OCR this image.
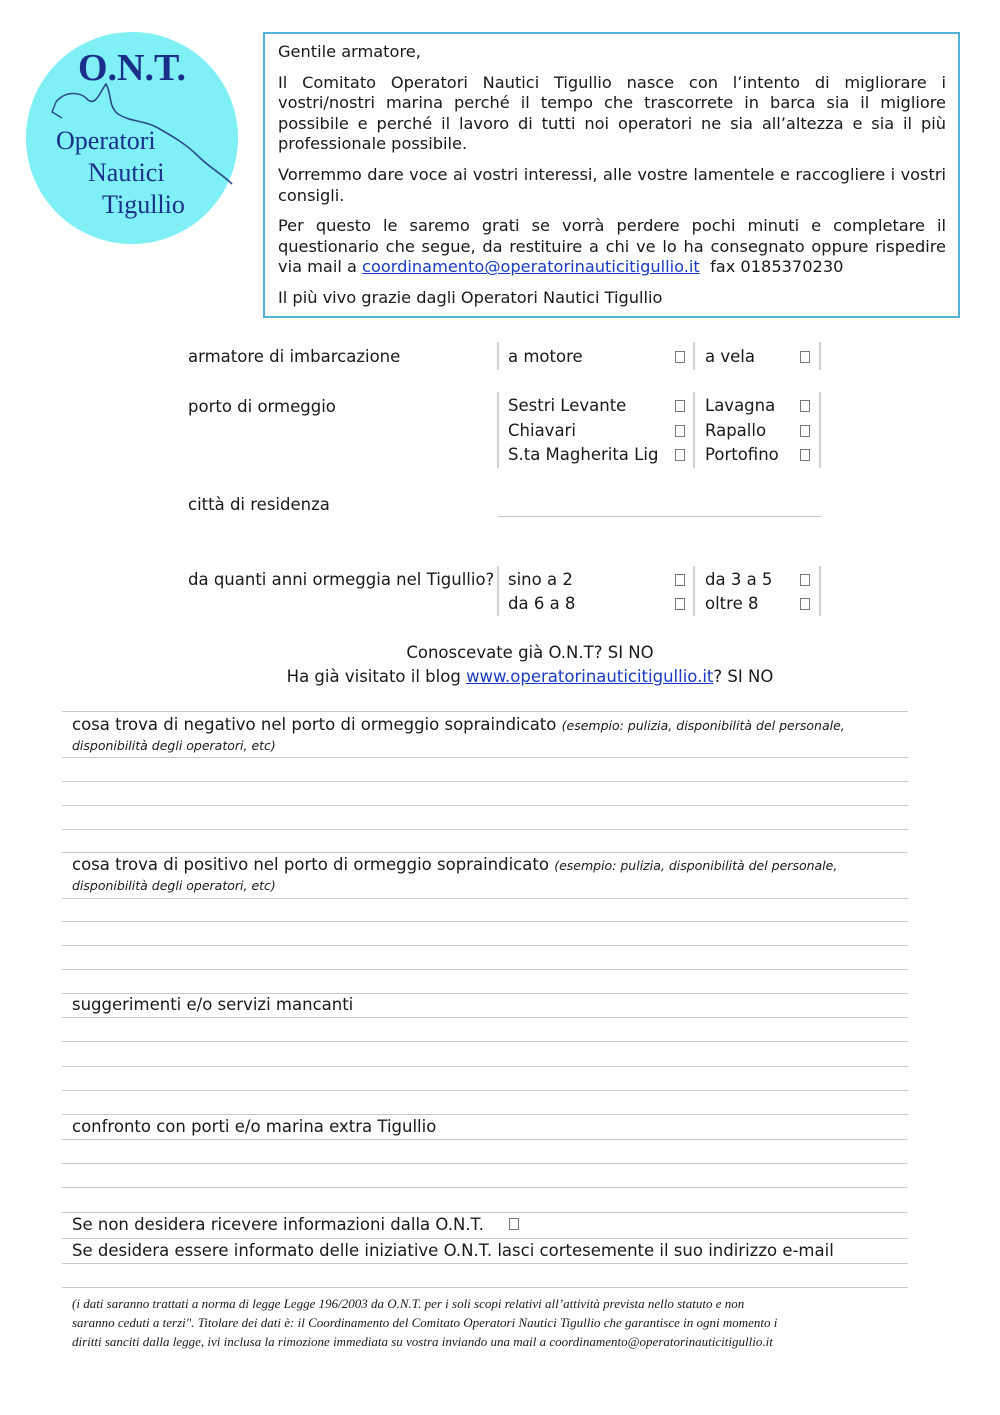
O.N.T.
Operatori
Nautici
Tigullio

Gentile armatore,

Il Comitato Operatori Nautici Tigullio nasce con l’intento di migliorare i vostri/nostri marina perché il tempo che trascorrete in barca sia il migliore possibile e perché il lavoro di tutti noi operatori ne sia all’altezza e sia il più professionale possibile.

Vorremmo dare voce ai vostri interessi, alle vostre lamentele e raccogliere i vostri consigli.

Per questo le saremo grati se vorrà perdere pochi minuti e completare il questionario che segue, da restituire a chi ve lo ha consegnato oppure rispedire via mail a coordinamento@operatorinauticitigullio.it fax 0185370230

Il più vivo grazie dagli Operatori Nautici Tigullio

armatore di imbarcazione	a motore	a vela
porto di ormeggio	Sestri Levante	Lavagna
Chiavari	Rapallo
S.ta Magherita Lig	Portofino
città di residenza
da quanti anni ormeggia nel Tigullio? sino a 2	da 3 a 5
da 6 a 8	oltre 8
Conoscevate già O.N.T? SI NO
Ha già visitato il blog www.operatorinauticitigullio.it? SI NO
cosa trova di negativo nel porto di ormeggio sopraindicato (esempio: pulizia, disponibilità del personale,
disponibilità degli operatori, etc)
cosa trova di positivo nel porto di ormeggio sopraindicato (esempio: pulizia, disponibilità del personale,
disponibilità degli operatori, etc)
suggerimenti e/o servizi mancanti
confronto con porti e/o marina extra Tigullio
Se non desidera ricevere informazioni dalla O.N.T.
Se desidera essere informato delle iniziative O.N.T. lasci cortesemente il suo indirizzo e-mail
(i dati saranno trattati a norma di legge Legge 196/2003 da O.N.T. per i soli scopi relativi all’attività prevista nello statuto e non
saranno ceduti a terzi". Titolare dei dati è: il Coordinamento del Comitato Operatori Nautici Tigullio che garantisce in ogni momento i
diritti sanciti dalla legge, ivi inclusa la rimozione immediata su vostra inviando una mail a coordinamento@operatorinauticitigullio.it
